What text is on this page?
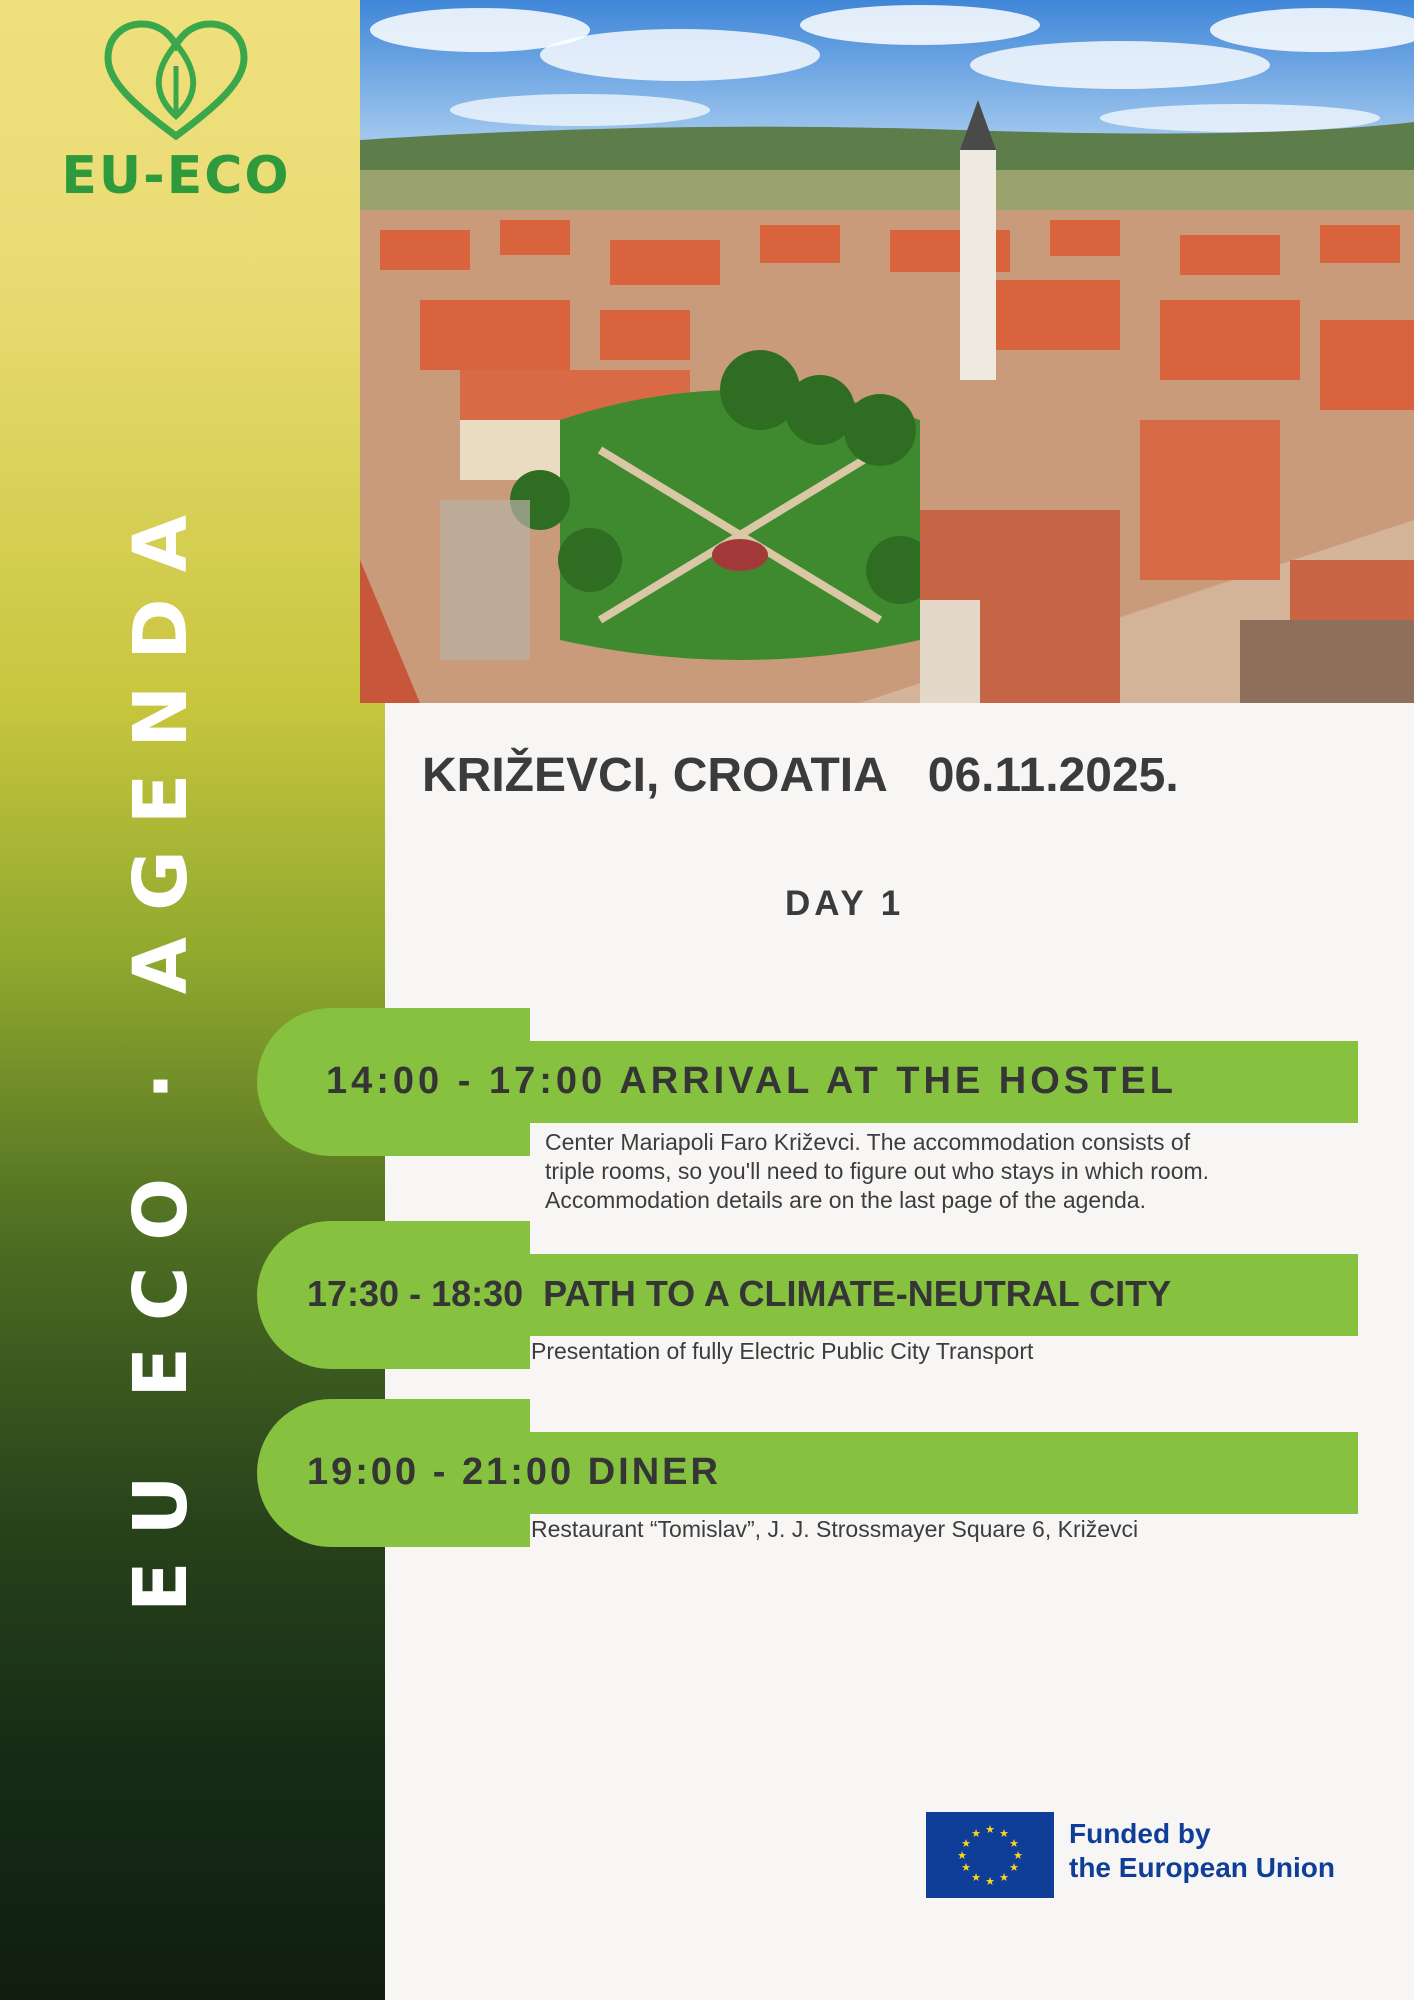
EU-ECO
EU ECO · AGENDA	KRIŽEVCI, CROATIA 06.11.2025.
DAY 1
14:00 - 17:00 ARRIVAL AT THE HOSTEL
Center Mariapoli Faro Križevci. The accommodation consists of
triple rooms, so you'll need to figure out who stays in which room.
Accommodation details are on the last page of the agenda.
17:30 - 18:30 PATH TO A CLIMATE-NEUTRAL CITY
Presentation of fully Electric Public City Transport
19:00 - 21:00 DINER
Restaurant “Tomislav”, J. J. Strossmayer Square 6, Križevci
★ ★
★
★
★
★
★
★
★
★
★
★	Funded by
the European Union
